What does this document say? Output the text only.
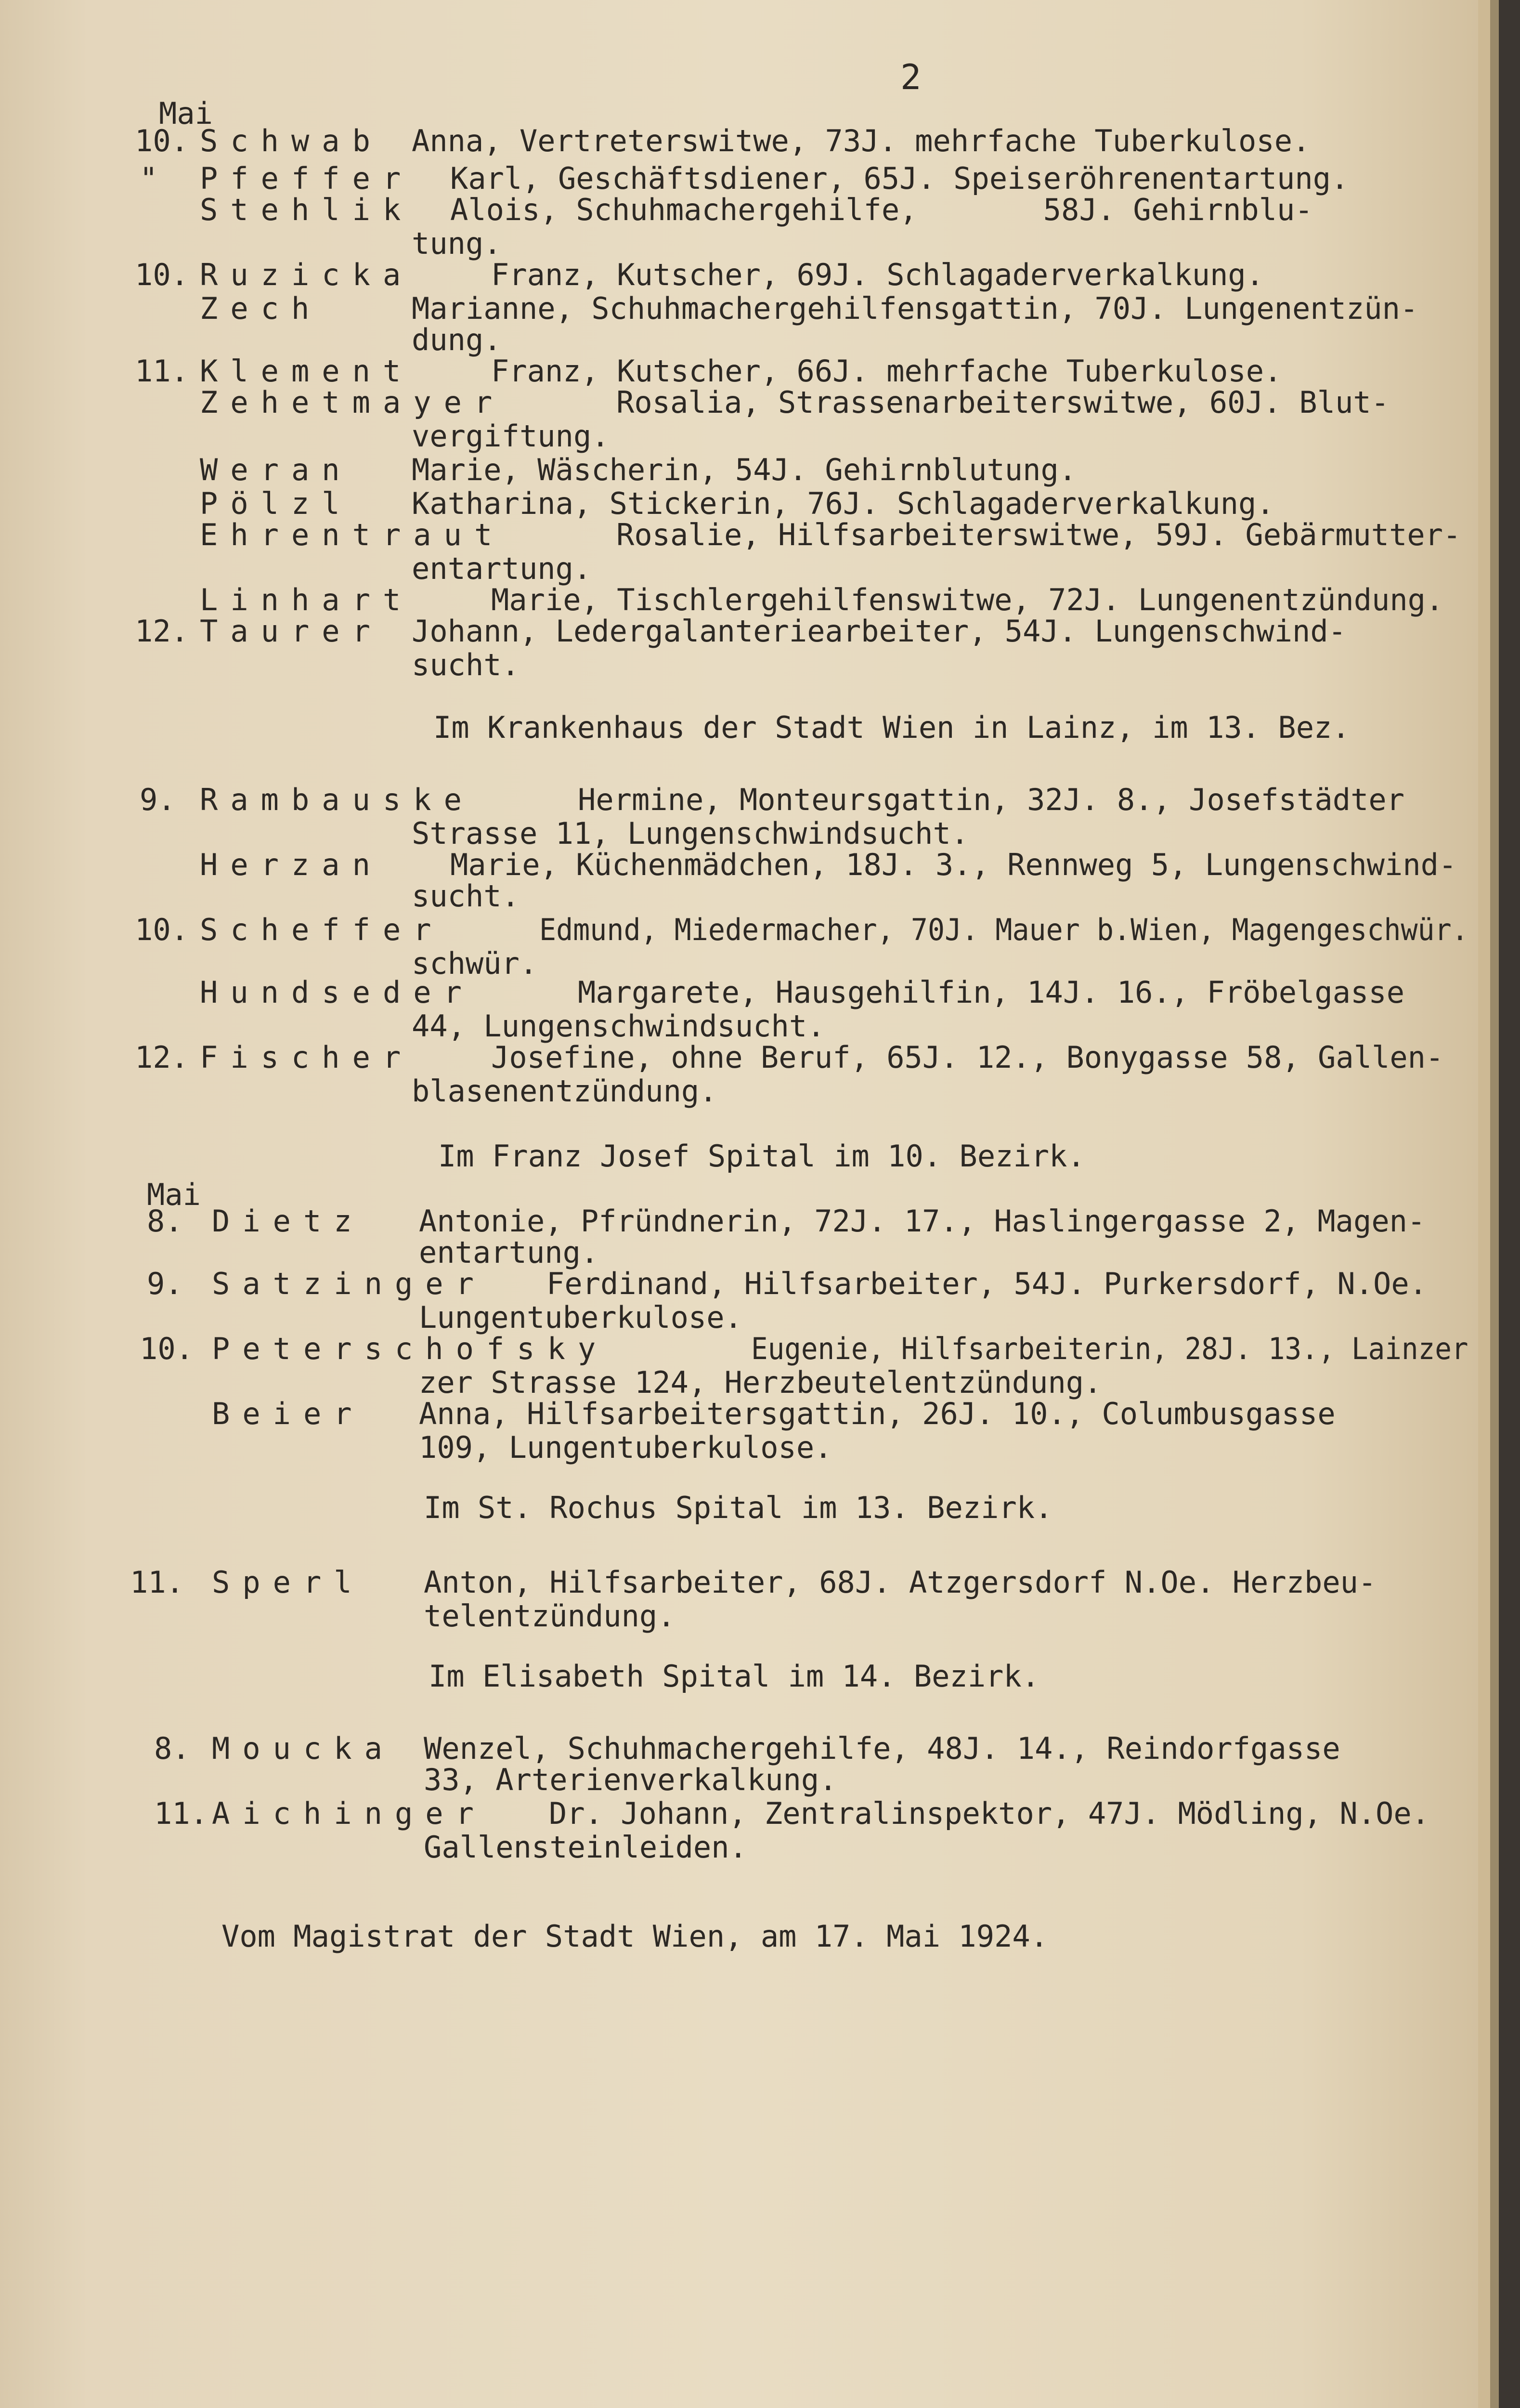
2
Mai
10. Schwab Anna, Vertreterswitwe, 73J. mehrfache Tuberkulose.
" Pfeffer Karl, Geschäftsdiener, 65J. Speiseröhrenentartung.
Stehlik Alois, Schuhmachergehilfe,       58J. Gehirnblu-
tung.
10. Ruzicka	Franz, Kutscher, 69J. Schlagaderverkalkung.
Zech	Marianne, Schuhmachergehilfensgattin, 70J. Lungenentzün-
dung.
11. Klement	Franz, Kutscher, 66J. mehrfache Tuberkulose.
Zehetmayer	Rosalia, Strassenarbeiterswitwe, 60J. Blut-
vergiftung.
Weran Marie, Wäscherin, 54J. Gehirnblutung.
Pölzl Katharina, Stickerin, 76J. Schlagaderverkalkung.
Ehrentraut	Rosalie, Hilfsarbeiterswitwe, 59J. Gebärmutter-
entartung.
Linhart	Marie, Tischlergehilfenswitwe, 72J. Lungenentzündung.
12. Taurer Johann, Ledergalanteriearbeiter, 54J. Lungenschwind-
sucht.
Im Krankenhaus der Stadt Wien in Lainz, im 13. Bez.
9. Rambauske	Hermine, Monteursgattin, 32J. 8., Josefstädter
Strasse 11, Lungenschwindsucht.
Herzan Marie, Küchenmädchen, 18J. 3., Rennweg 5, Lungenschwind-
sucht.
10. Scheffer	Edmund, Miedermacher, 70J. Mauer b.Wien, Magengeschwür.
schwür.
Hundseder	Margarete, Hausgehilfin, 14J. 16., Fröbelgasse
44, Lungenschwindsucht.
12. Fischer	Josefine, ohne Beruf, 65J. 12., Bonygasse 58, Gallen-
blasenentzündung.
Im Franz Josef Spital im 10. Bezirk.
Mai
8. Dietz Antonie, Pfründnerin, 72J. 17., Haslingergasse 2, Magen-
entartung.
9. Satzinger Ferdinand, Hilfsarbeiter, 54J. Purkersdorf, N.Oe.
Lungentuberkulose.
10. Peterschofsky	Eugenie, Hilfsarbeiterin, 28J. 13., Lainzer
zer Strasse 124, Herzbeutelentzündung.
Beier Anna, Hilfsarbeitersgattin, 26J. 10., Columbusgasse
109, Lungentuberkulose.
Im St. Rochus Spital im 13. Bezirk.
11. Sperl Anton, Hilfsarbeiter, 68J. Atzgersdorf N.Oe. Herzbeu-
telentzündung.
Im Elisabeth Spital im 14. Bezirk.
8. Moucka Wenzel, Schuhmachergehilfe, 48J. 14., Reindorfgasse
33, Arterienverkalkung.
11. Aichinger Dr. Johann, Zentralinspektor, 47J. Mödling, N.Oe.
Gallensteinleiden.
Vom Magistrat der Stadt Wien, am 17. Mai 1924.
